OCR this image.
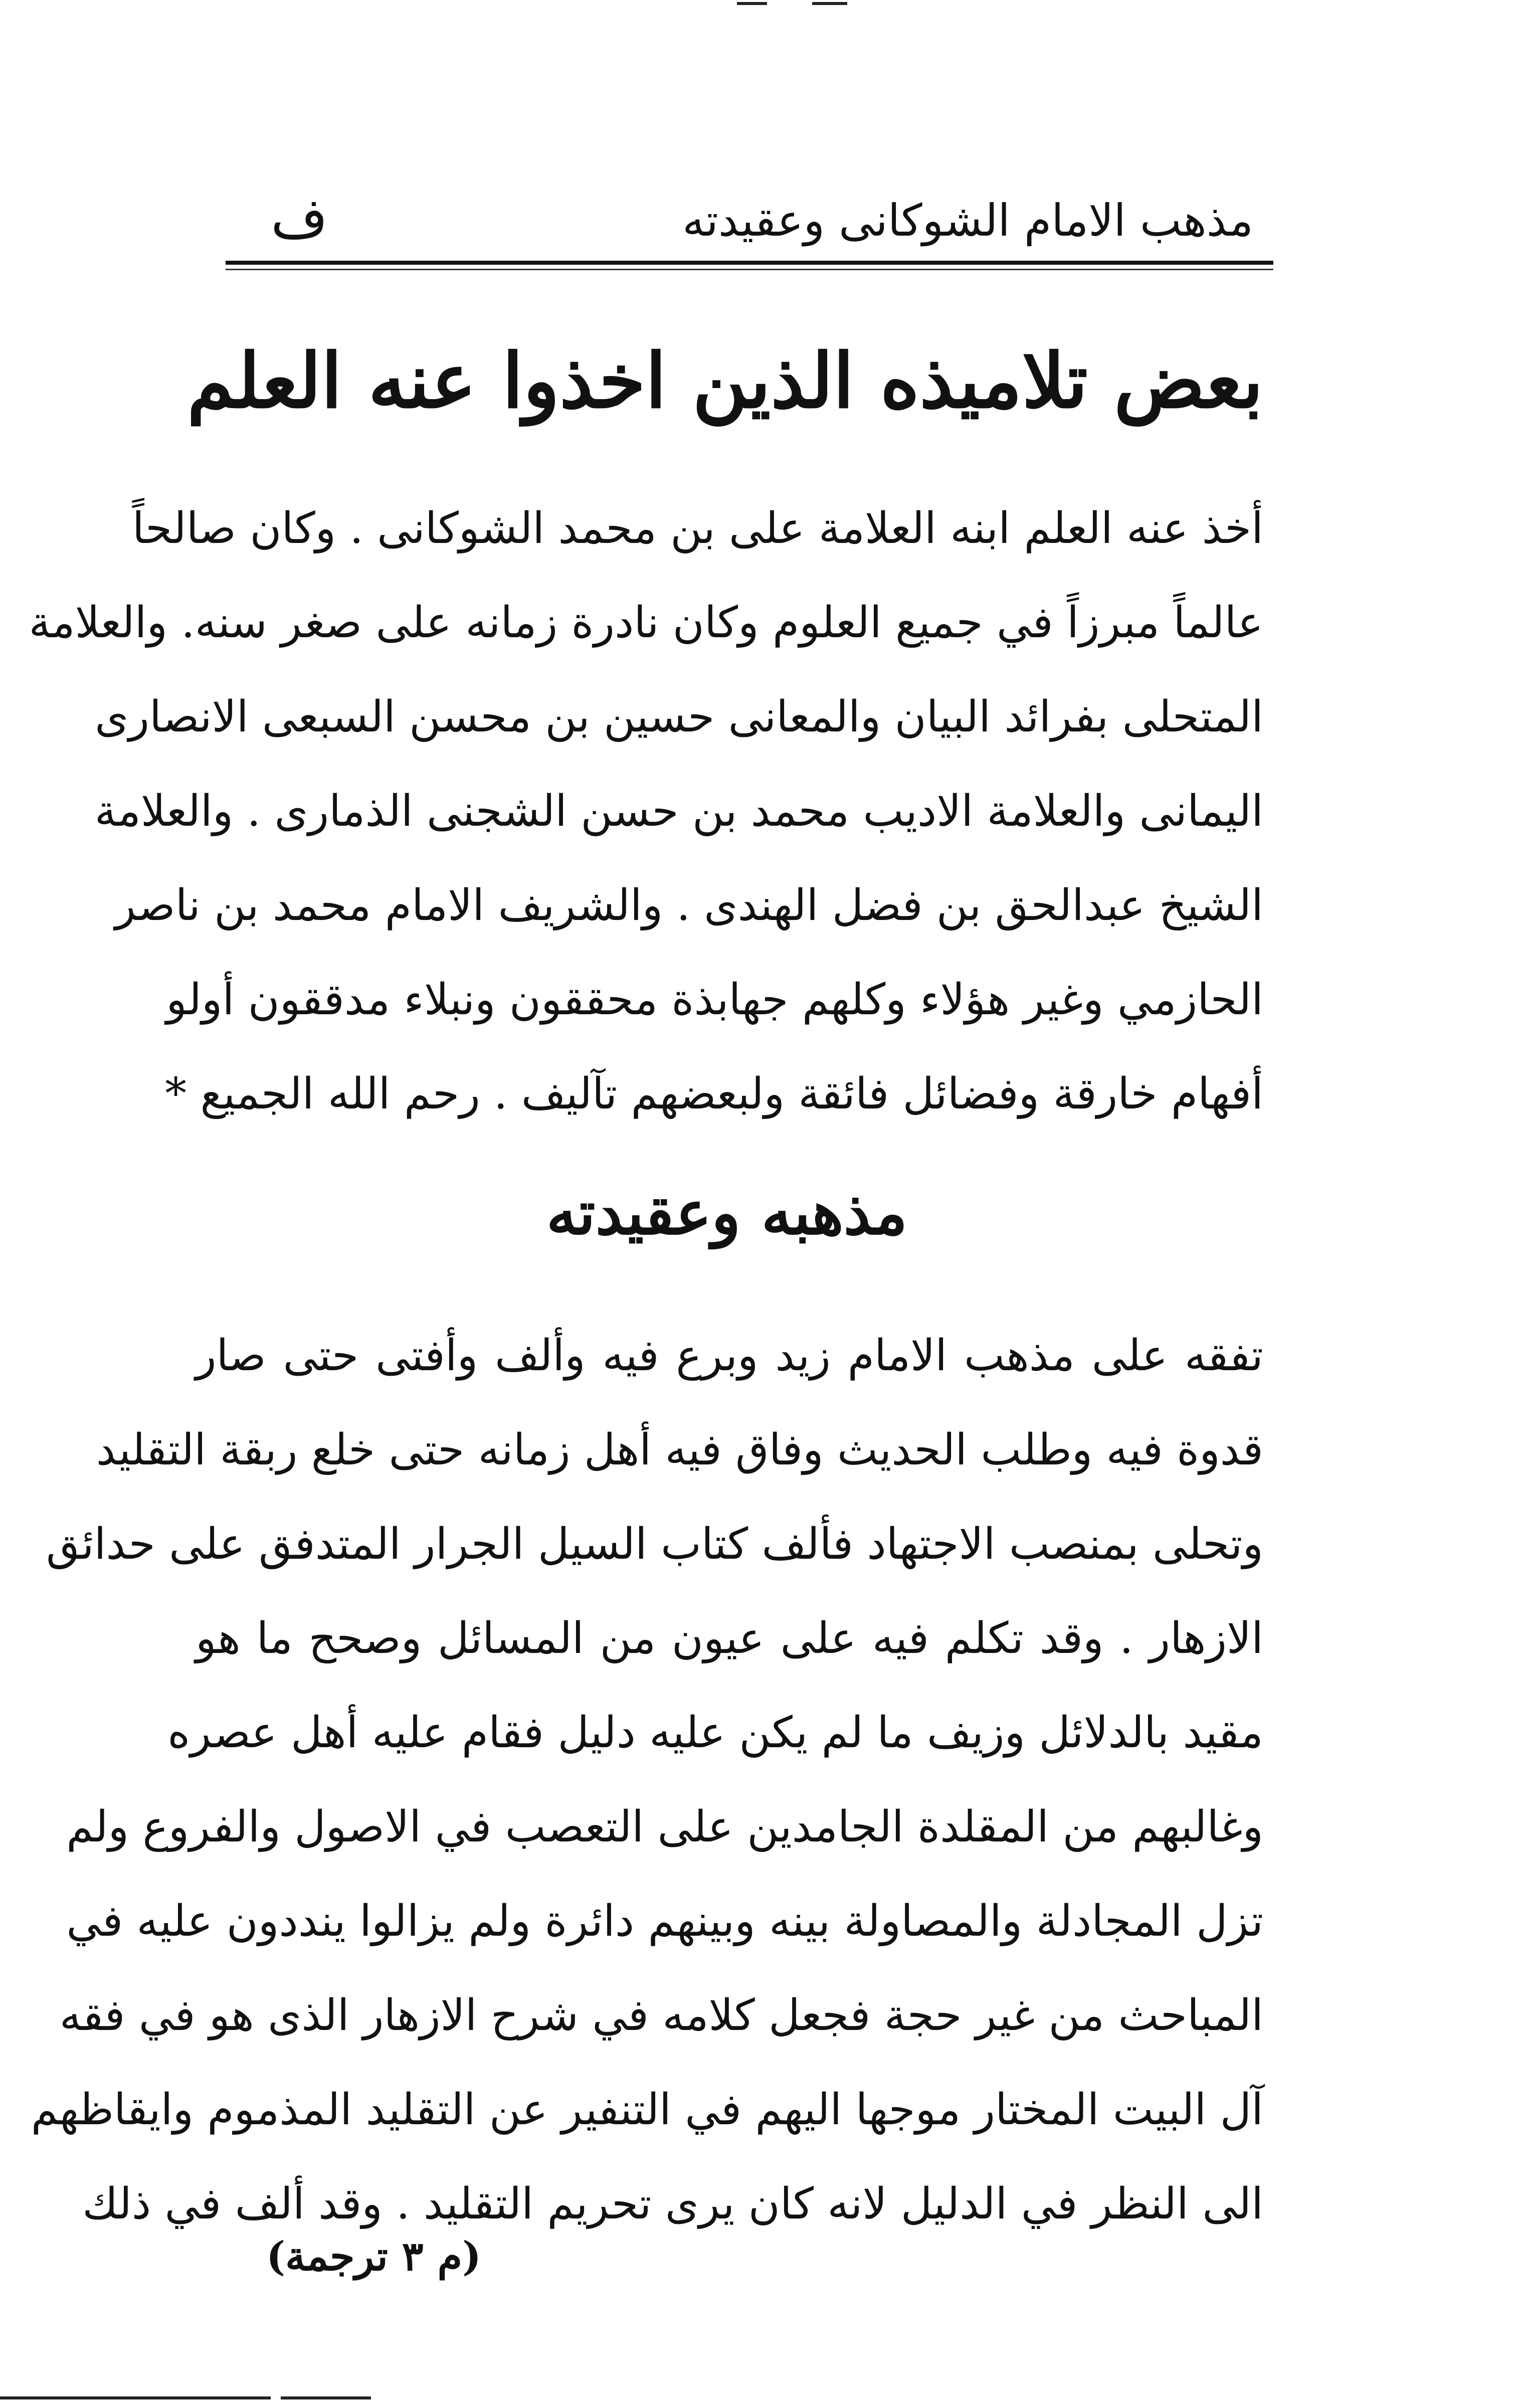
مذهب الامام الشوكانى وعقيدته
ف
بعض تلاميذه الذين اخذوا عنه العلم
أخذ عنه العلم ابنه العلامة على بن محمد الشوكانى . وكان صالحاً
عالماً مبرزاً في جميع العلوم وكان نادرة زمانه على صغر سنه. والعلامة
المتحلى بفرائد البيان والمعانى حسين بن محسن السبعى الانصارى
اليمانى والعلامة الاديب محمد بن حسن الشجنى الذمارى . والعلامة
الشيخ عبدالحق بن فضل الهندى . والشريف الامام محمد بن ناصر
الحازمي وغير هؤلاء وكلهم جهابذة محققون ونبلاء مدققون أولو
أفهام خارقة وفضائل فائقة ولبعضهم تآليف . رحم الله الجميع *
مذهبه وعقيدته
تفقه على مذهب الامام زيد وبرع فيه وألف وأفتى حتى صار
قدوة فيه وطلب الحديث وفاق فيه أهل زمانه حتى خلع ربقة التقليد
وتحلى بمنصب الاجتهاد فألف كتاب السيل الجرار المتدفق على حدائق
الازهار . وقد تكلم فيه على عيون من المسائل وصحح ما هو
مقيد بالدلائل وزيف ما لم يكن عليه دليل فقام عليه أهل عصره
وغالبهم من المقلدة الجامدين على التعصب في الاصول والفروع ولم
تزل المجادلة والمصاولة بينه وبينهم دائرة ولم يزالوا ينددون عليه في
المباحث من غير حجة فجعل كلامه في شرح الازهار الذى هو في فقه
آل البيت المختار موجها اليهم في التنفير عن التقليد المذموم وايقاظهم
الى النظر في الدليل لانه كان يرى تحريم التقليد . وقد ألف في ذلك
(م ٣ ترجمة)
